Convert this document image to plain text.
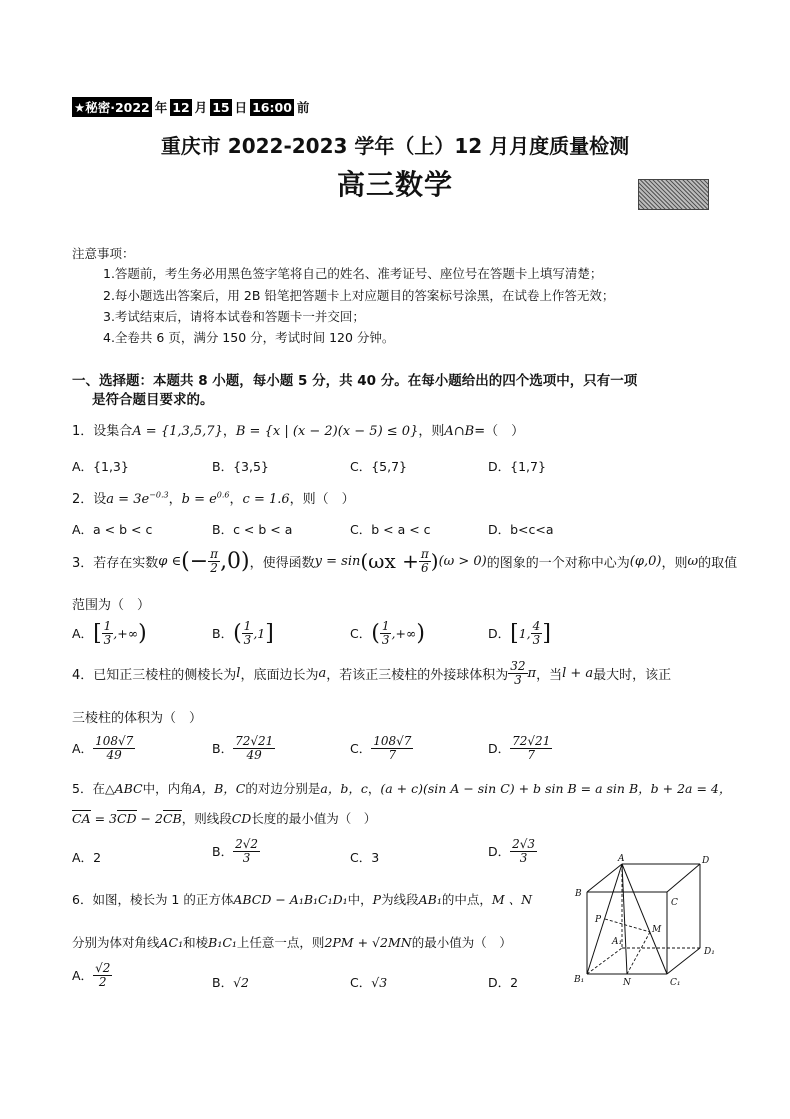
★秘密·2022 年 12 月 15 日 16:00 前
重庆市 2022-2023 学年（上）12 月月度质量检测
高三数学
注意事项：
1.答题前，考生务必用黑色签字笔将自己的姓名、准考证号、座位号在答题卡上填写清楚；
2.每小题选出答案后，用 2B 铅笔把答题卡上对应题目的答案标号涂黑，在试卷上作答无效；
3.考试结束后，请将本试卷和答题卡一并交回；
4.全卷共 6 页，满分 150 分，考试时间 120 分钟。
一、选择题：本题共 8 小题，每小题 5 分，共 40 分。在每小题给出的四个选项中，只有一项
是符合题目要求的。
1．设集合A = {1,3,5,7}，B = {x | (x − 2)(x − 5) ≤ 0}，则A∩B=（　）
A．{1,3}	B．{3,5}	C．{5,7}	D．{1,7}
2．设$a = 3e^{-0.3}$，$b = e^{0.6}$，c = 1.6，则（　）
A．a < b < c	B．c < b < a	C．b < a < c	D．b<c<a
3．若存在实数 φ ∈ (− $\frac{\pi}{2} ,0$) ，使得函数 $y = \sin (\omega x + \frac{\pi}{6}$ ) (ω > 0) 的图象的一个对称中心为 (φ,0) ，则 ω 的取值
范围为（　）
A． [ $\frac{1}{3}$ ,+∞ )	B． ( $\frac{1}{3} ,1$ ]	C． ( $\frac{1}{3}$ ,+∞ )	D． [ 1, $\frac{4}{3}$ ]
4．已知正三棱柱的侧棱长为 l ，底面边长为 a ，若该正三棱柱的外接球体积为 $\frac{32}{3}$ π ，当 l + a 最大时，该正
三棱柱的体积为（　）
A． $\frac{108√7}{49}$	B． $\frac{72√21}{49}$	C． $\frac{108√7}{7}$	D． $\frac{72√21}{7}$
5．在△ABC中，内角A，B，C的对边分别是a，b，c，(a + c)(sin A − sin C) + b sin B = a sin B，b + 2a = 4，
CA = 3CD − 2CB，则线段CD长度的最小值为（　）
A．2	B． $\frac{2√2}{3}$	C．3	D． $\frac{2√3}{3}$
6．如图，棱长为 1 的正方体ABCD − A₁B₁C₁D₁中，P为线段AB₁的中点，M 、N
分别为体对角线AC₁和棱B₁C₁上任意一点，则2PM + √2MN的最小值为（　）
A． $\frac{√2}{2}$	B．√2	C．√3	D．2
A	D
B
C
P
M
A₁
D₁
B₁	N	C₁
